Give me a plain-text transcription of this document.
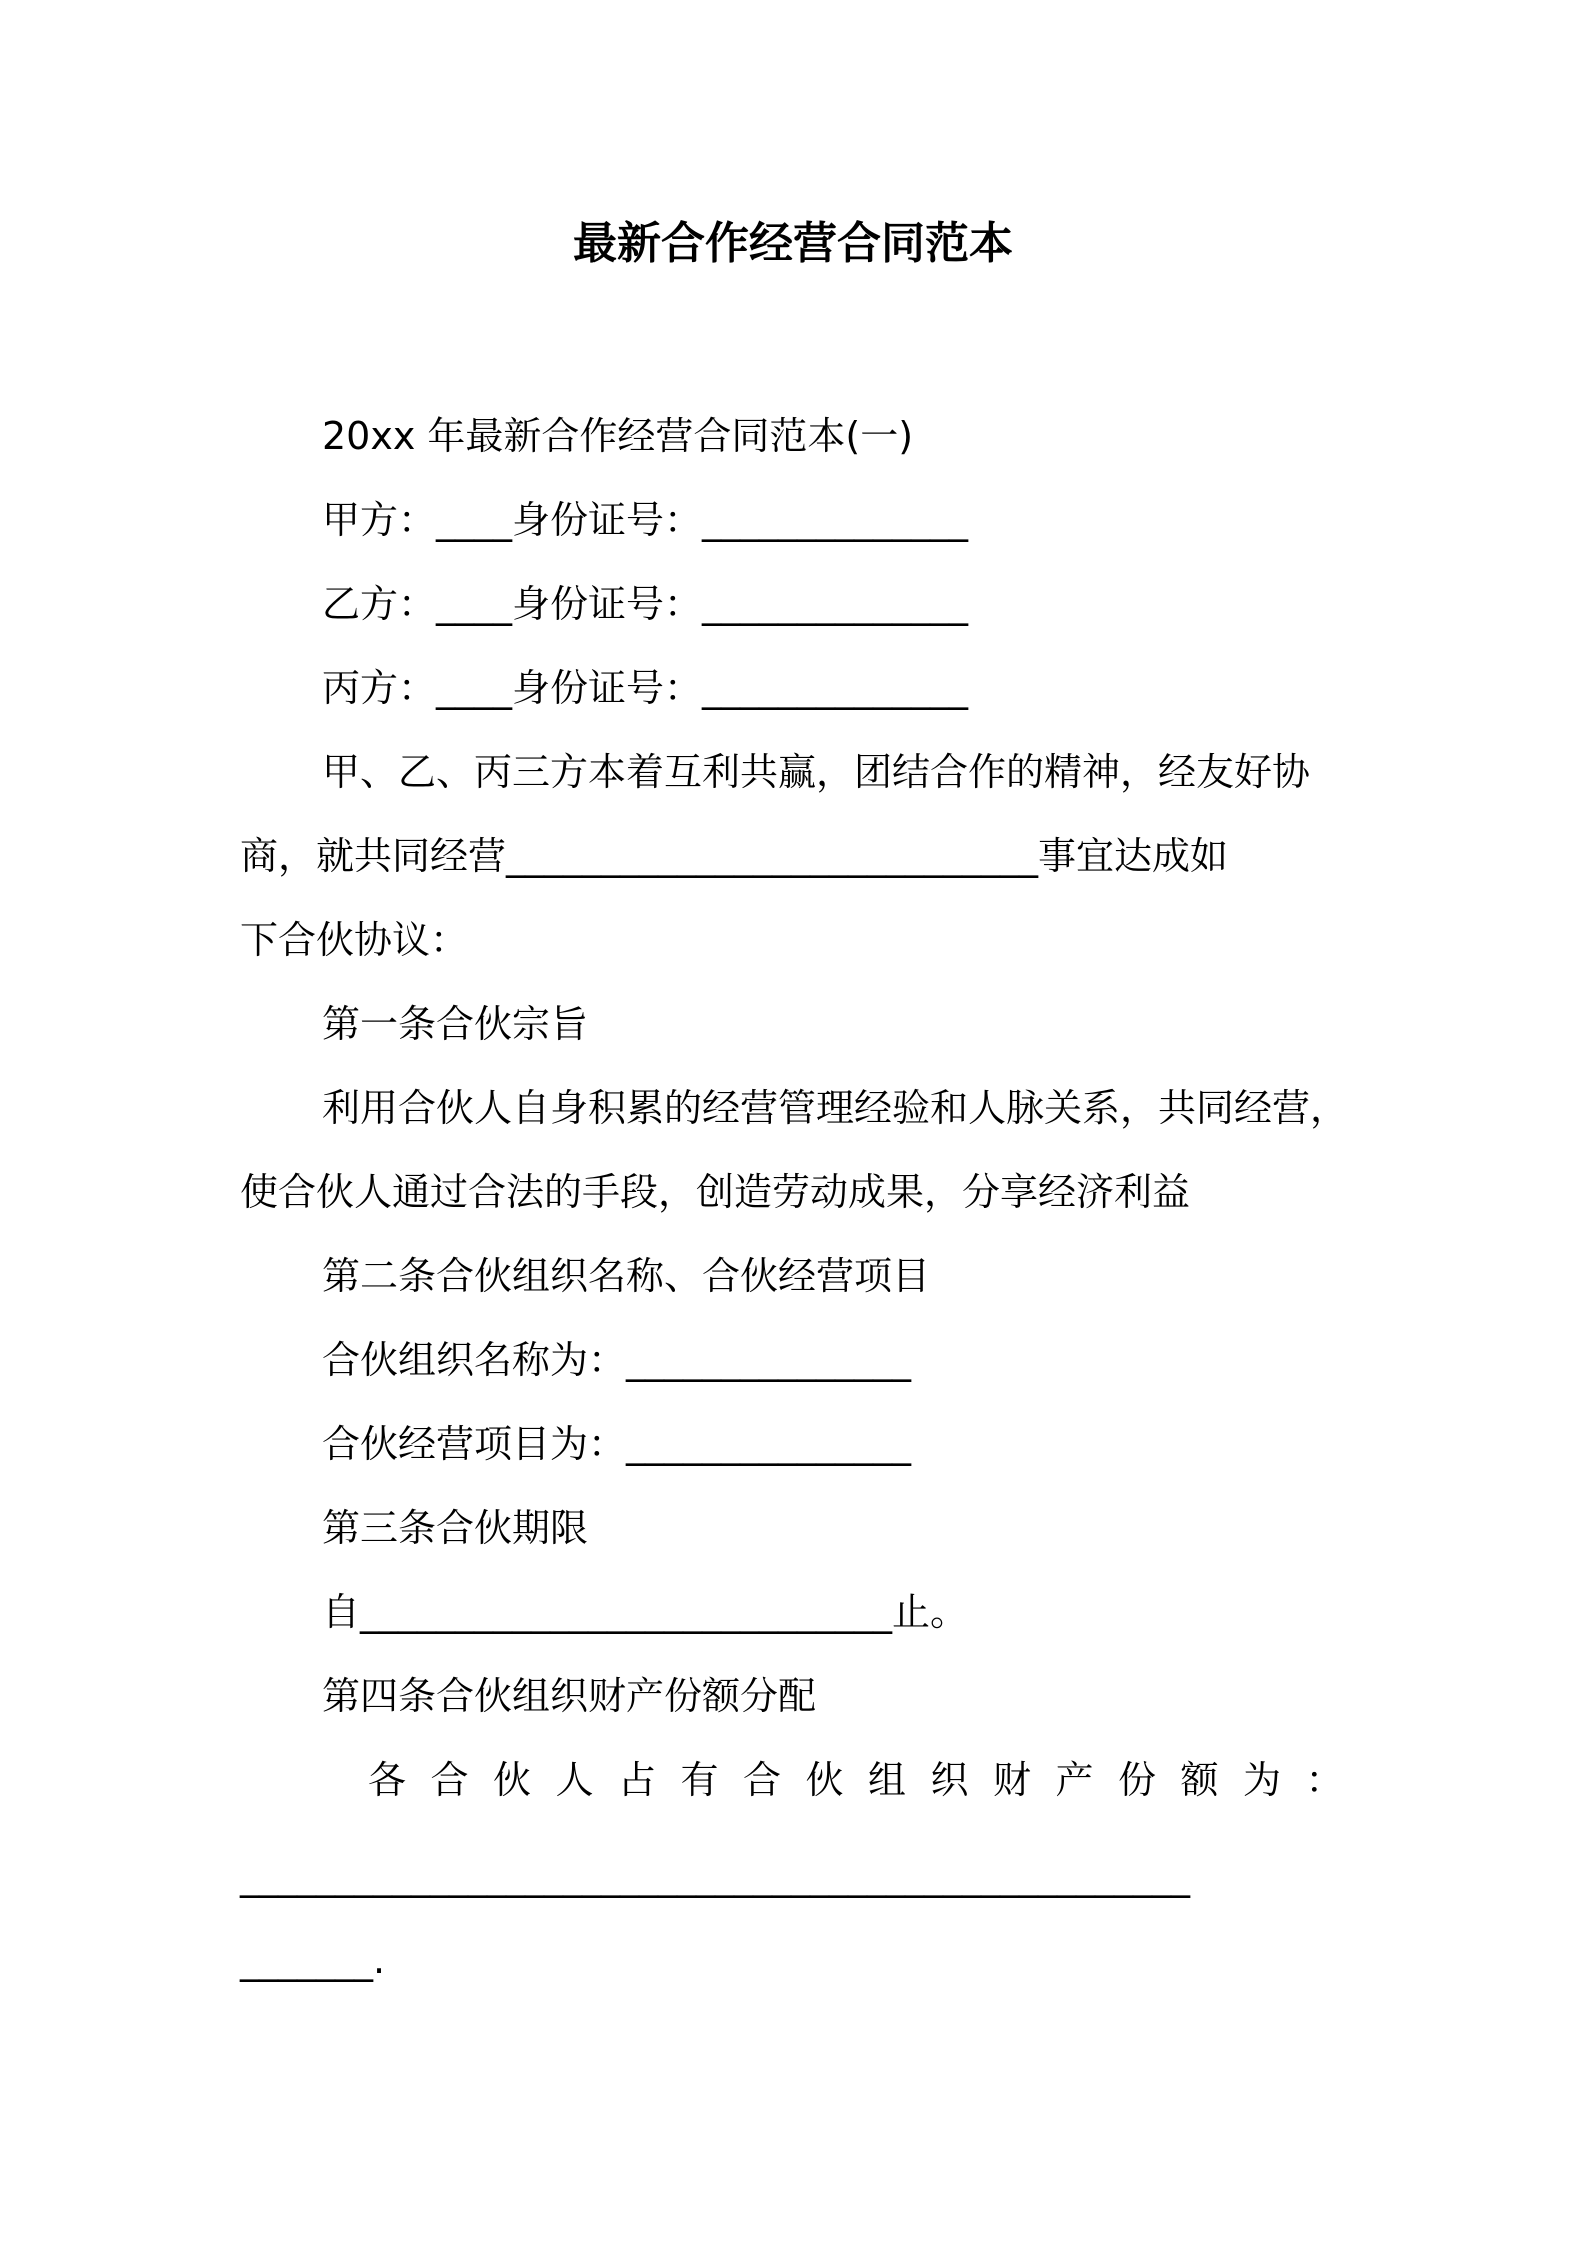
最新合作经营合同范本
20xx 年最新合作经营合同范本(一)
甲方：____身份证号：______________
乙方：____身份证号：______________
丙方：____身份证号：______________
甲、乙、丙三方本着互利共赢，团结合作的精神，经友好协
商，就共同经营____________________________事宜达成如
下合伙协议：
第一条合伙宗旨
利用合伙人自身积累的经营管理经验和人脉关系，共同经营，
使合伙人通过合法的手段，创造劳动成果，分享经济利益
第二条合伙组织名称、合伙经营项目
合伙组织名称为：_______________
合伙经营项目为：_______________
第三条合伙期限
自____________________________止。
第四条合伙组织财产份额分配
各合伙人占有合伙组织财产份额为：
__________________________________________________
_______.
